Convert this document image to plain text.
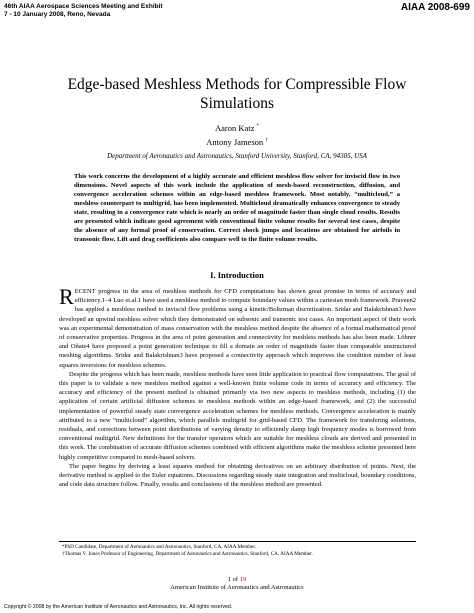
46th AIAA Aerospace Sciences Meeting and Exhibit
7 - 10 January 2008, Reno, Nevada
AIAA 2008-699
Edge-based Meshless Methods for Compressible Flow Simulations
Aaron Katz *
Antony Jameson †
Department of Aeronautics and Astronautics, Stanford University, Stanford, CA, 94305, USA
This work concerns the development of a highly accurate and efficient meshless flow solver for inviscid flow in two dimensions. Novel aspects of this work include the application of mesh-based reconstruction, diffusion, and convergence acceleration schemes within an edge-based meshless framework. Most notably, “multicloud,” a meshless counterpart to multigrid, has been implemented. Multicloud dramatically enhances convergence to steady state, resulting in a convergence rate which is nearly an order of magnitude faster than single cloud results. Results are presented which indicate good agreement with conventional finite volume results for several test cases, despite the absence of any formal proof of conservation. Correct shock jumps and locations are obtained for airfoils in transonic flow. Lift and drag coefficients also compare well to the finite volume results.
I. Introduction

RECENT progress in the area of meshless methods for CFD computations has shown great promise in terms of accuracy and efficiency.1–4 Luo et.al.1 have used a meshless method to compute boundary values within a cartesian mesh framework. Praveen2 has applied a meshless method to inviscid flow problems using a kinetic/Boltzman discretization. Sridar and Balakrishnan3 have developed an upwind meshless solver which they demonstrated on subsonic and transonic test cases. An important aspect of their work was an experimental demonstration of mass conservation with the meshless method despite the absence of a formal mathematical proof of conservative properties. Progress in the area of point generation and connectivity for meshless methods has also been made. Löhner and Oñate4 have proposed a point generation technique to fill a domain an order of magnitude faster than comparable unstructured meshing algorithms. Sridar and Balakrishnan3 have proposed a connectivity approach which improves the condition number of least squares inversions for meshless schemes.

Despite the progress which has been made, meshless methods have seen little application to practical flow computations. The goal of this paper is to validate a new meshless method against a well-known finite volume code in terms of accuracy and efficiency. The accuracy and efficiency of the present method is obtained primarily via two new aspects to meshless methods, including (1) the application of certain artificial diffusion schemes to meshless methods within an edge-based framework, and (2) the successful implementation of powerful steady state convergence acceleration schemes for meshless methods. Convergence acceleration is mainly attributed to a new “multicloud” algorithm, which parallels multigrid for grid-based CFD. The framework for transfering solutions, residuals, and corrections between point distributions of varying density to efficiently damp high frequency modes is borrowed from conventional multigrid. New definitions for the transfer operators which are suitable for meshless clouds are derived and presented in this work. The combination of accurate diffusion schemes combined with efficient algorithms make the meshless scheme presented here highly competitive compared to mesh-based solvers.

The paper begins by deriving a least squares method for obtaining derivatives on an arbitrary distribution of points. Next, the derivative method is applied to the Euler equations. Discussions regarding steady state integration and multicloud, boundary conditions, and code data structure follow. Finally, results and conclusions of the meshless method are presented.

*PhD Candidate, Department of Aeronautics and Astronautics, Stanford, CA, AIAA Member.
†Thomas V. Jones Professor of Engineering, Department of Aeronautics and Astronautics, Stanford, CA, AIAA Member.
1 of 19
American Institute of Aeronautics and Astronautics
Copyright © 2008 by the American Institute of Aeronautics and Astronautics, Inc. All rights reserved.
